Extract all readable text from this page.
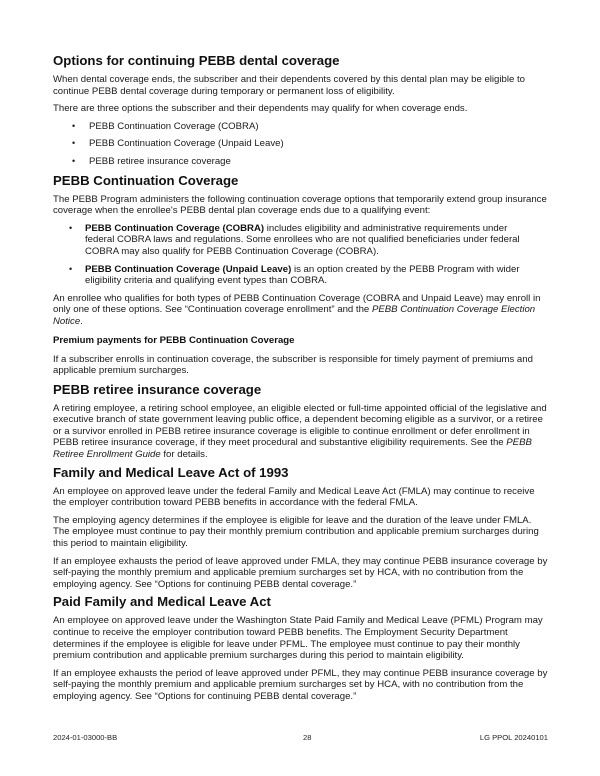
Options for continuing PEBB dental coverage

When dental coverage ends, the subscriber and their dependents covered by this dental plan may be eligible to continue PEBB dental coverage during temporary or permanent loss of eligibility.

There are three options the subscriber and their dependents may qualify for when coverage ends.

• PEBB Continuation Coverage (COBRA)
• PEBB Continuation Coverage (Unpaid Leave)
• PEBB retiree insurance coverage
PEBB Continuation Coverage

The PEBB Program administers the following continuation coverage options that temporarily extend group insurance coverage when the enrollee's PEBB dental plan coverage ends due to a qualifying event:

• PEBB Continuation Coverage (COBRA) includes eligibility and administrative requirements under federal COBRA laws and regulations. Some enrollees who are not qualified beneficiaries under federal COBRA may also qualify for PEBB Continuation Coverage (COBRA).
• PEBB Continuation Coverage (Unpaid Leave) is an option created by the PEBB Program with wider eligibility criteria and qualifying event types than COBRA.

An enrollee who qualifies for both types of PEBB Continuation Coverage (COBRA and Unpaid Leave) may enroll in only one of these options. See “Continuation coverage enrollment” and the PEBB Continuation Coverage Election Notice.

Premium payments for PEBB Continuation Coverage

If a subscriber enrolls in continuation coverage, the subscriber is responsible for timely payment of premiums and applicable premium surcharges.

PEBB retiree insurance coverage

A retiring employee, a retiring school employee, an eligible elected or full-time appointed official of the legislative and executive branch of state government leaving public office, a dependent becoming eligible as a survivor, or a retiree or a survivor enrolled in PEBB retiree insurance coverage is eligible to continue enrollment or defer enrollment in PEBB retiree insurance coverage, if they meet procedural and substantive eligibility requirements. See the PEBB Retiree Enrollment Guide for details.

Family and Medical Leave Act of 1993

An employee on approved leave under the federal Family and Medical Leave Act (FMLA) may continue to receive the employer contribution toward PEBB benefits in accordance with the federal FMLA.

The employing agency determines if the employee is eligible for leave and the duration of the leave under FMLA. The employee must continue to pay their monthly premium contribution and applicable premium surcharges during this period to maintain eligibility.

If an employee exhausts the period of leave approved under FMLA, they may continue PEBB insurance coverage by self-paying the monthly premium and applicable premium surcharges set by HCA, with no contribution from the employing agency. See “Options for continuing PEBB dental coverage.”

Paid Family and Medical Leave Act

An employee on approved leave under the Washington State Paid Family and Medical Leave (PFML) Program may continue to receive the employer contribution toward PEBB benefits. The Employment Security Department determines if the employee is eligible for leave under PFML. The employee must continue to pay their monthly premium contribution and applicable premium surcharges during this period to maintain eligibility.

If an employee exhausts the period of leave approved under PFML, they may continue PEBB insurance coverage by self-paying the monthly premium and applicable premium surcharges set by HCA, with no contribution from the employing agency. See “Options for continuing PEBB dental coverage.”

2024-01-03000-BB	28	LG PPOL 20240101
